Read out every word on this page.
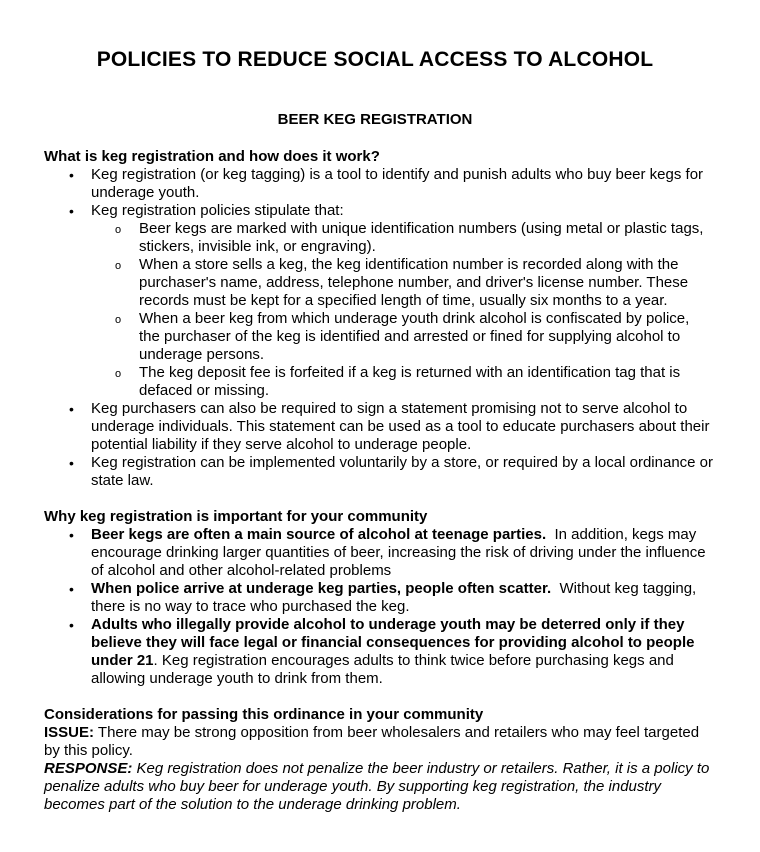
POLICIES TO REDUCE SOCIAL ACCESS TO ALCOHOL
BEER KEG REGISTRATION

What is keg registration and how does it work?

• Keg registration (or keg tagging) is a tool to identify and punish adults who buy beer kegs for underage youth.
• Keg registration policies stipulate that:
o Beer kegs are marked with unique identification numbers (using metal or plastic tags, stickers, invisible ink, or engraving).
o When a store sells a keg, the keg identification number is recorded along with the purchaser's name, address, telephone number, and driver's license number. These records must be kept for a specified length of time, usually six months to a year.
o When a beer keg from which underage youth drink alcohol is confiscated by police, the purchaser of the keg is identified and arrested or fined for supplying alcohol to underage persons.
o The keg deposit fee is forfeited if a keg is returned with an identification tag that is defaced or missing.
• Keg purchasers can also be required to sign a statement promising not to serve alcohol to underage individuals. This statement can be used as a tool to educate purchasers about their potential liability if they serve alcohol to underage people.
• Keg registration can be implemented voluntarily by a store, or required by a local ordinance or state law.

Why keg registration is important for your community

• Beer kegs are often a main source of alcohol at teenage parties.  In addition, kegs may encourage drinking larger quantities of beer, increasing the risk of driving under the influence of alcohol and other alcohol-related problems
• When police arrive at underage keg parties, people often scatter.  Without keg tagging, there is no way to trace who purchased the keg.
• Adults who illegally provide alcohol to underage youth may be deterred only if they believe they will face legal or financial consequences for providing alcohol to people under 21. Keg registration encourages adults to think twice before purchasing kegs and allowing underage youth to drink from them.

Considerations for passing this ordinance in your community

ISSUE: There may be strong opposition from beer wholesalers and retailers who may feel targeted by this policy.

RESPONSE: Keg registration does not penalize the beer industry or retailers. Rather, it is a policy to penalize adults who buy beer for underage youth. By supporting keg registration, the industry becomes part of the solution to the underage drinking problem.
